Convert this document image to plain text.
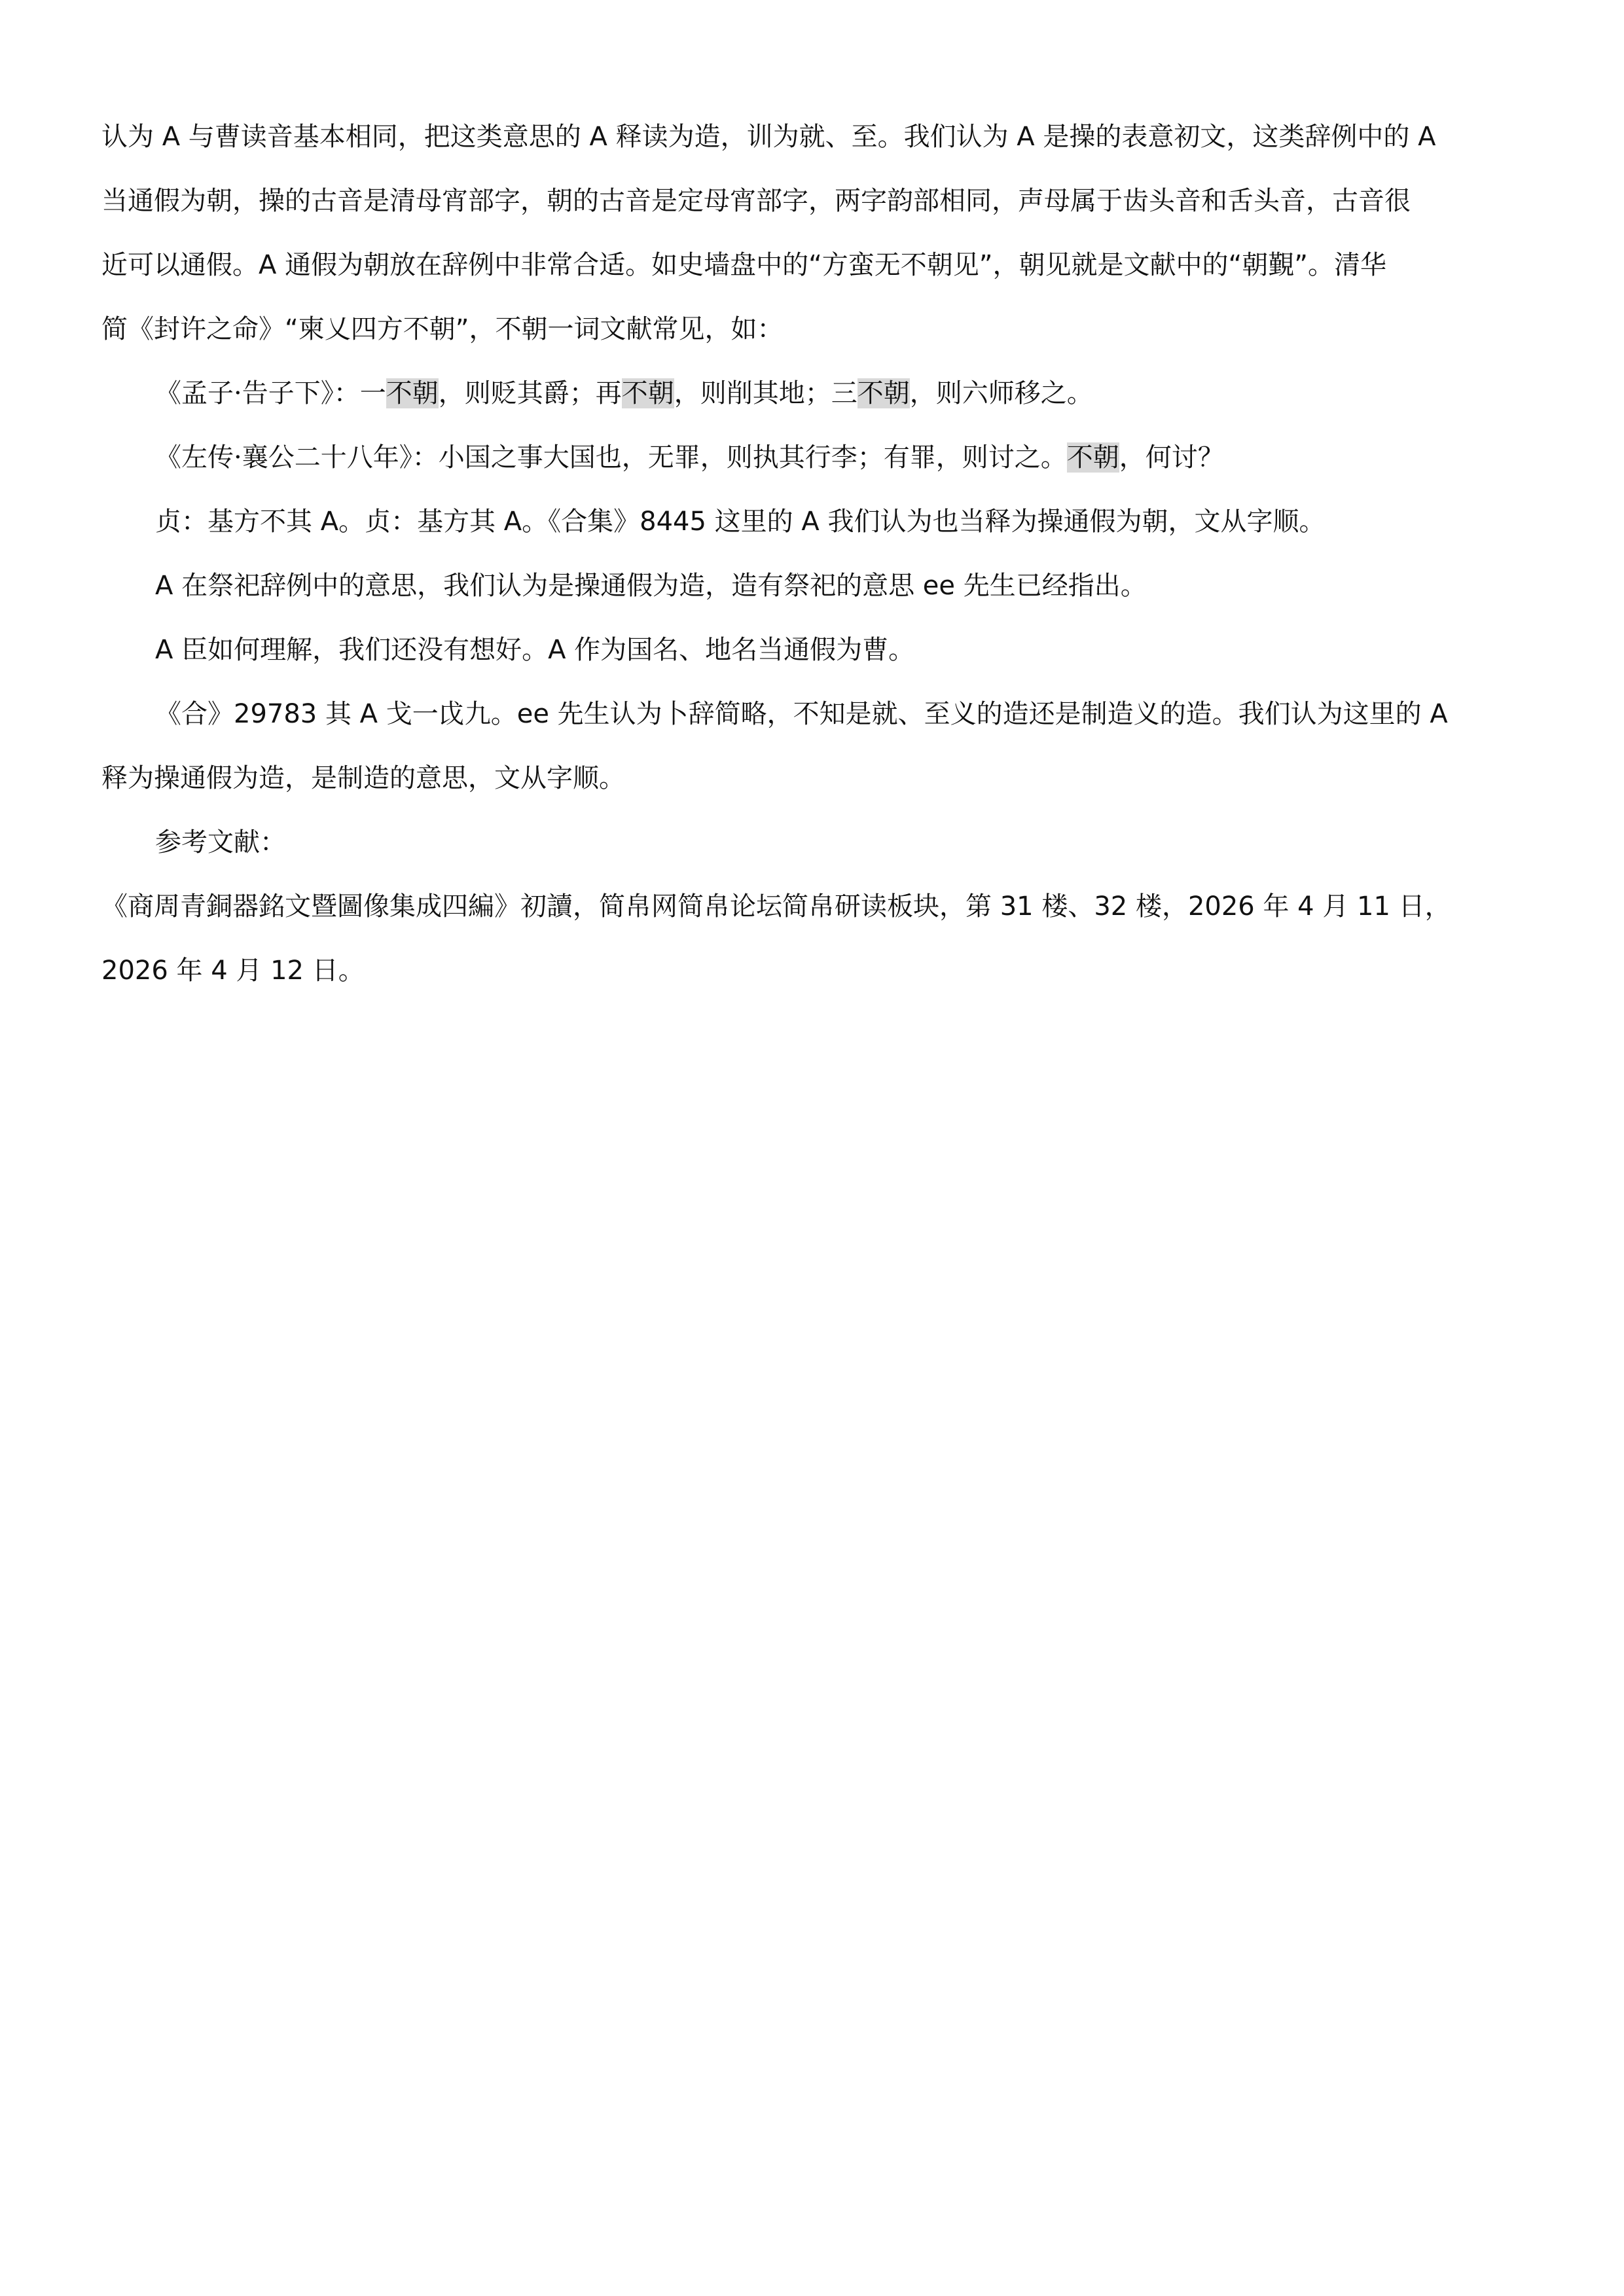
认为 A 与曹读音基本相同，把这类意思的 A 释读为造，训为就、至。我们认为 A 是操的表意初文，这类辞例中的 A

当通假为朝，操的古音是清母宵部字，朝的古音是定母宵部字，两字韵部相同，声母属于齿头音和舌头音，古音很

近可以通假。A 通假为朝放在辞例中非常合适。如史墙盘中的“方蛮无不朝见”，朝见就是文献中的“朝覲”。清华

简《封许之命》“柬乂四方不朝”，不朝一词文献常见，如：

《孟子·告子下》：一不朝，则贬其爵；再不朝，则削其地；三不朝，则六师移之。

《左传·襄公二十八年》：小国之事大国也，无罪，则执其行李；有罪，则讨之。不朝，何讨？

贞：基方不其 A。贞：基方其 A。《合集》8445 这里的 A 我们认为也当释为操通假为朝，文从字顺。

A 在祭祀辞例中的意思，我们认为是操通假为造，造有祭祀的意思 ee 先生已经指出。

A 臣如何理解，我们还没有想好。A 作为国名、地名当通假为曹。

《合》29783 其 A 戈一戉九。ee 先生认为卜辞简略，不知是就、至义的造还是制造义的造。我们认为这里的 A

释为操通假为造，是制造的意思，文从字顺。

参考文献：

《商周青銅器銘文暨圖像集成四編》初讀，简帛网简帛论坛简帛研读板块，第 31 楼、32 楼，2026 年 4 月 11 日，

2026 年 4 月 12 日。
